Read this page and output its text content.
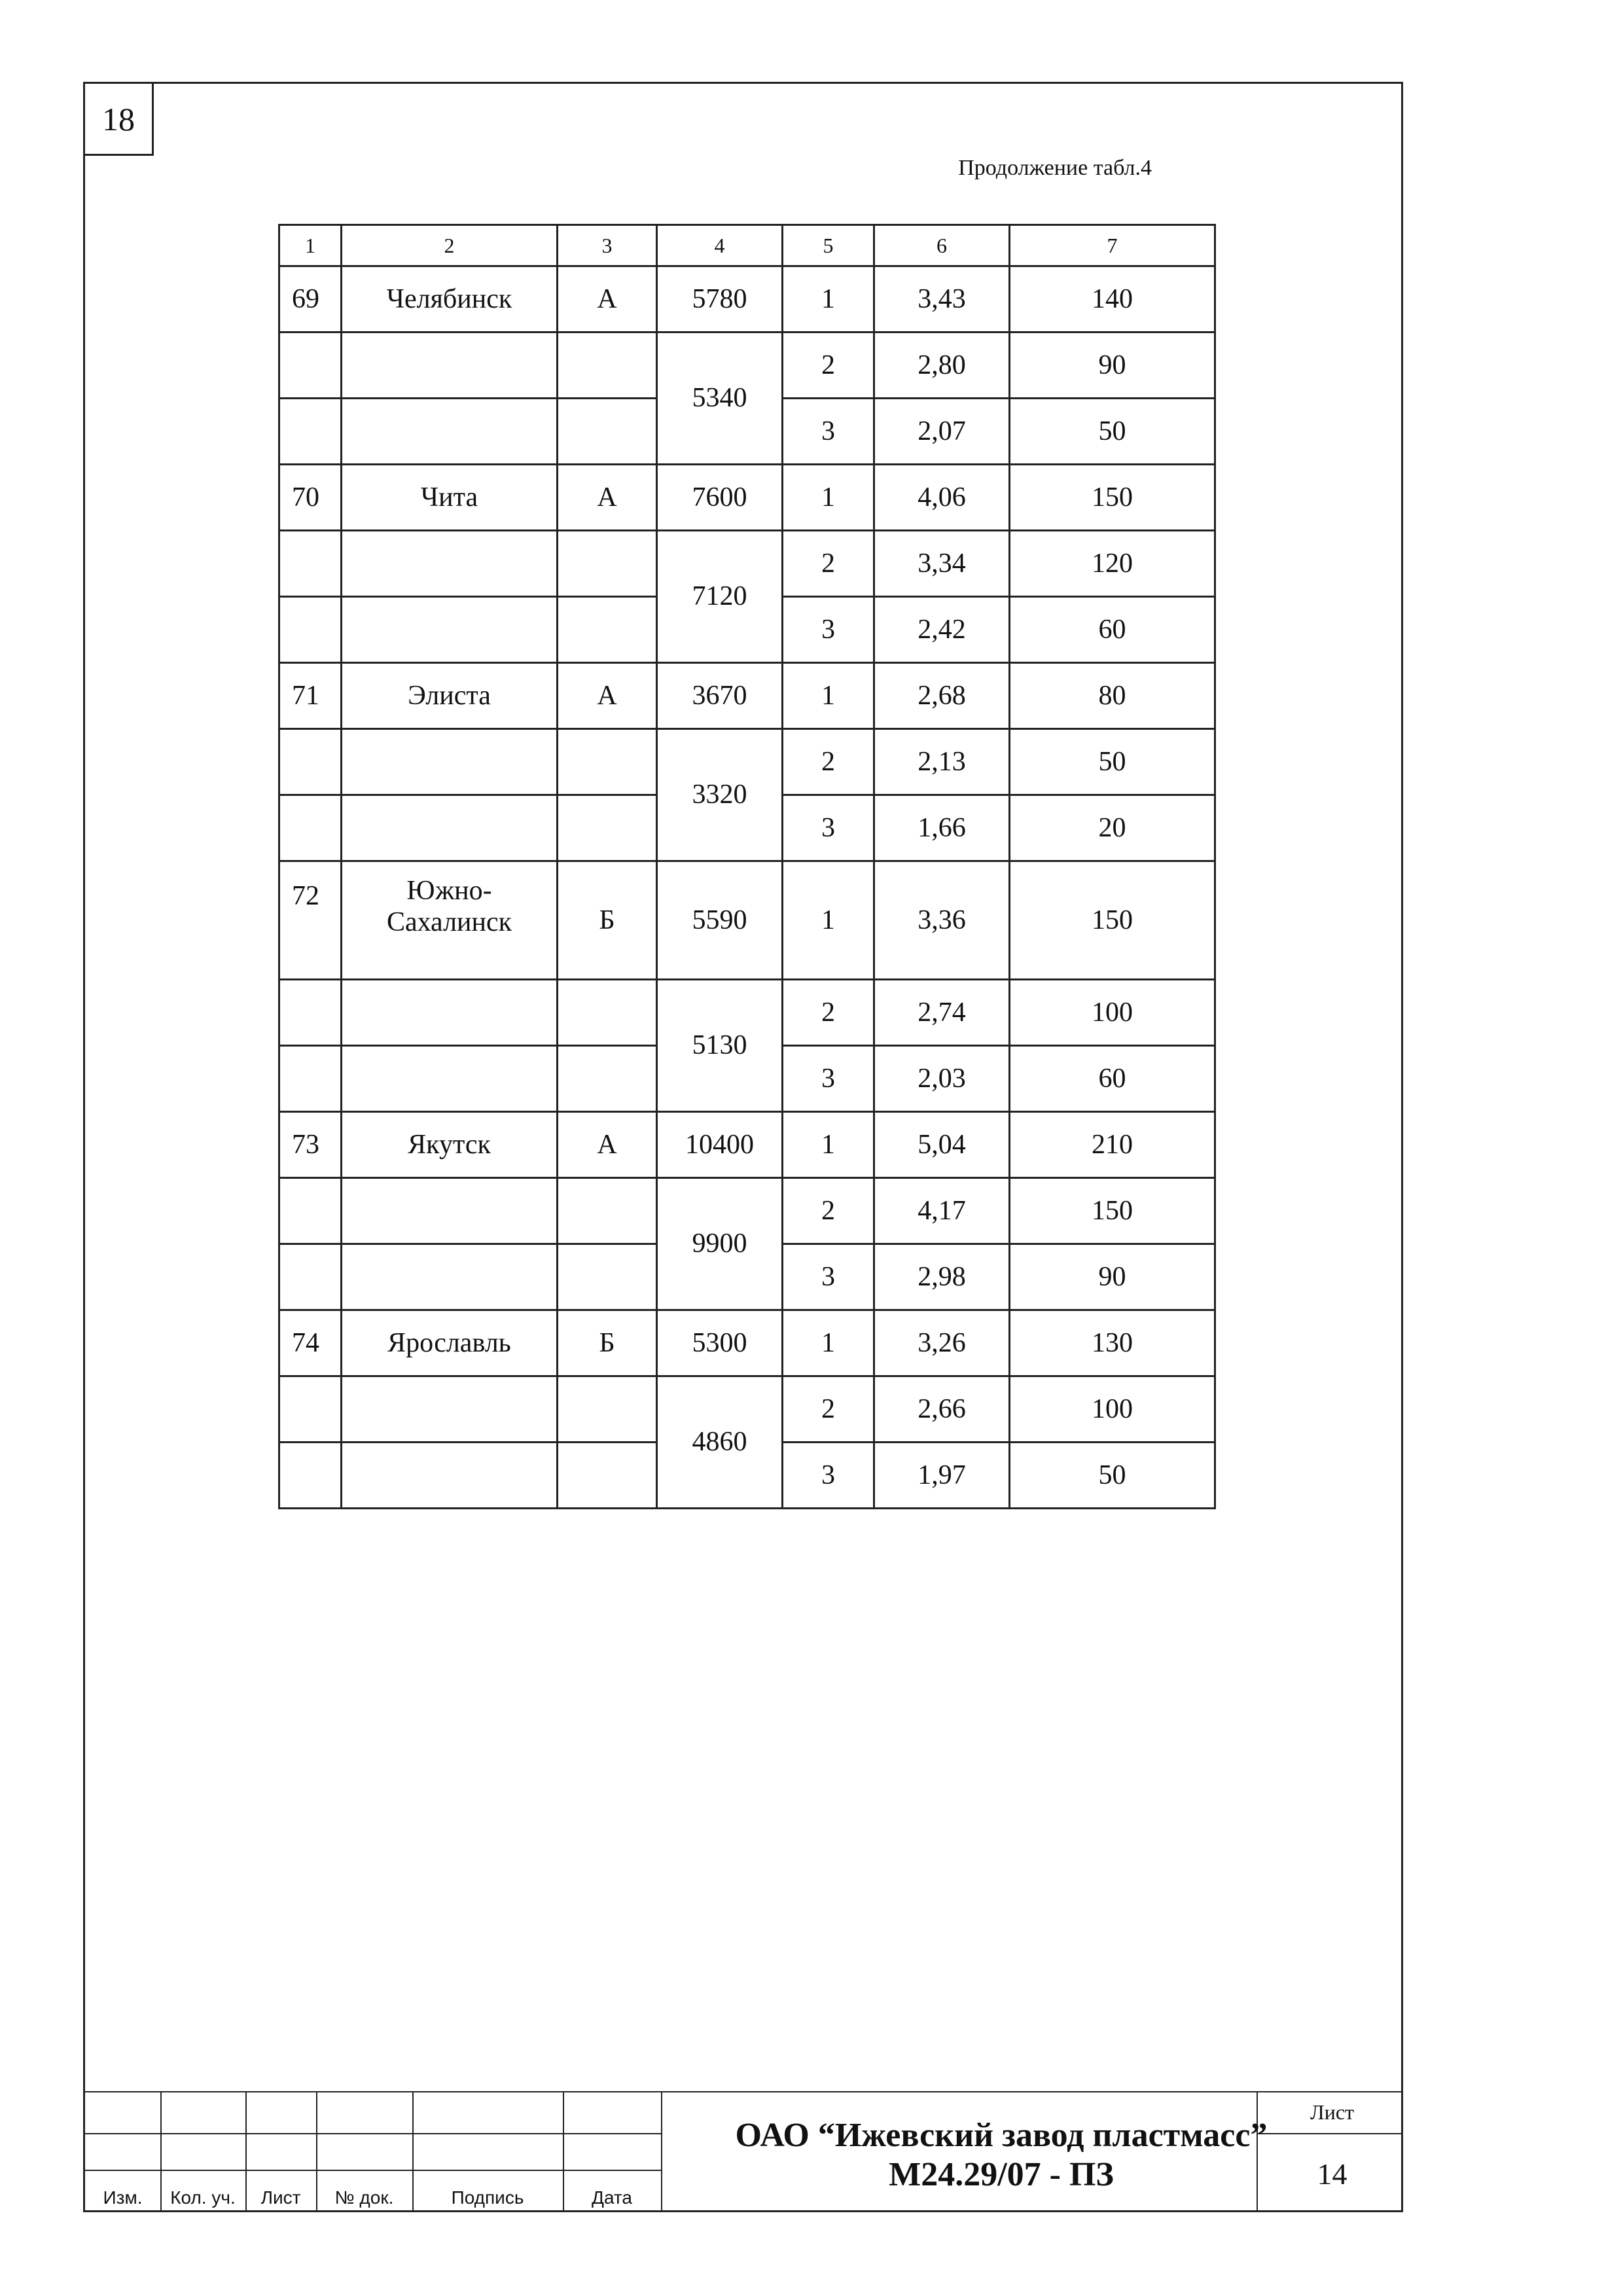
18
Продолжение табл.4
1	2	3	4	5	6	7
69	Челябинск	А	5780	1	3,43	140
			5340	2	2,80	90
				3	2,07	50
70	Чита	А	7600	1	4,06	150
			7120	2	3,34	120
				3	2,42	60
71	Элиста	А	3670	1	2,68	80
			3320	2	2,13	50
				3	1,66	20
72	Южно-
Сахалинск	Б	5590	1	3,36	150
			5130	2	2,74	100
				3	2,03	60
73	Якутск	А	10400	1	5,04	210
			9900	2	4,17	150
				3	2,98	90
74	Ярославль	Б	5300	1	3,26	130
			4860	2	2,66	100
				3	1,97	50
Изм.	Кол. уч.	Лист	№ док.	Подпись	Дата
ОАО “Ижевский завод пластмасс”
М24.29/07 - ПЗ
Лист
14
